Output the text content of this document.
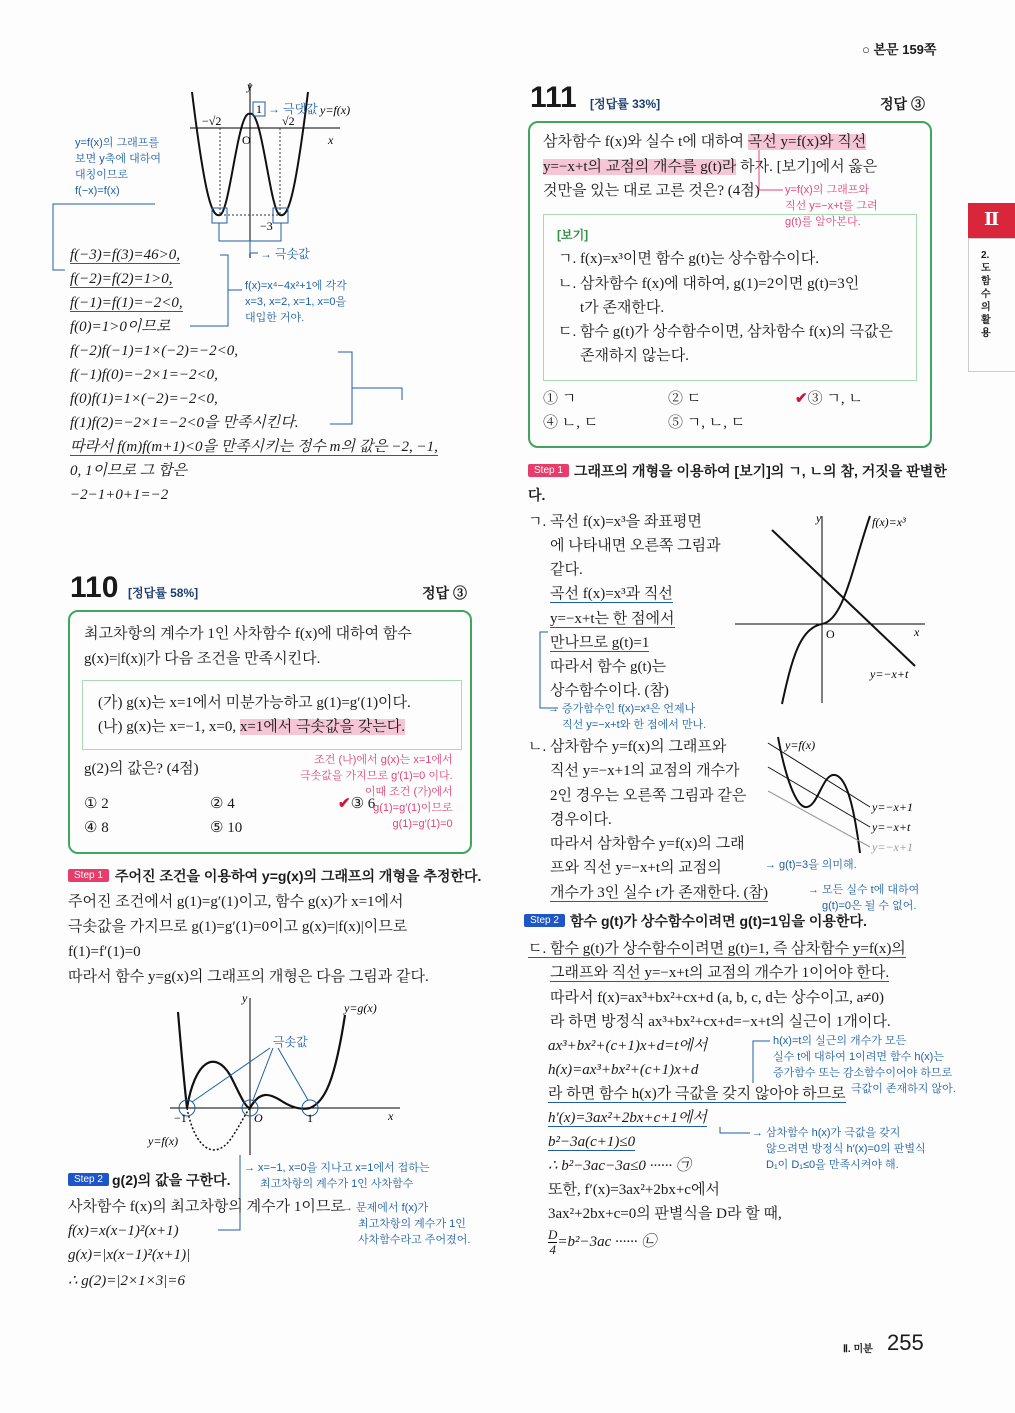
○ 본문 159쪽
Ⅱ
2. 도함수의 활용
y
x
O
1 → 극댓값 y=f(x)
−√2	√2
−3
→ 극솟값
y=f(x)의 그래프를
보면 y축에 대하여
대칭이므로
f(−x)=f(x)
f(x)=x⁴−4x²+1에 각각
x=3, x=2, x=1, x=0을
대입한 거야.
f(−3)=f(3)=46>0,
f(−2)=f(2)=1>0,
f(−1)=f(1)=−2<0,
f(0)=1>0이므로
f(−2)f(−1)=1×(−2)=−2<0,
f(−1)f(0)=−2×1=−2<0,
f(0)f(1)=1×(−2)=−2<0,
f(1)f(2)=−2×1=−2<0을 만족시킨다.
따라서 f(m)f(m+1)<0을 만족시키는 정수 m의 값은 −2, −1,
0, 1이므로 그 합은
−2−1+0+1=−2
110 [정답률 58%]	정답 ③
최고차항의 계수가 1인 사차함수 f(x)에 대하여 함수
g(x)=|f(x)|가 다음 조건을 만족시킨다.
(가) g(x)는 x=1에서 미분가능하고 g(1)=g′(1)이다.
(나) g(x)는 x=−1, x=0, x=1에서 극솟값을 갖는다.
g(2)의 값은? (4점)
① 2	② 4	✔③ 6
④ 8	⑤ 10
조건 (나)에서 g(x)는 x=1에서
극솟값을 가지므로 g′(1)=0 이다.
이때 조건 (가)에서
g(1)=g′(1)이므로
g(1)=g′(1)=0
Step 1 주어진 조건을 이용하여 y=g(x)의 그래프의 개형을 추정한다.
주어진 조건에서 g(1)=g′(1)이고, 함수 g(x)가 x=1에서
극솟값을 가지므로 g(1)=g′(1)=0이고 g(x)=|f(x)|이므로
f(1)=f′(1)=0
따라서 함수 y=g(x)의 그래프의 개형은 다음 그림과 같다.
극솟값
y
x
O
−1	1
y=g(x)
y=f(x)
Step 2 g(2)의 값을 구한다.
→ x=−1, x=0을 지나고 x=1에서 접하는
최고차항의 계수가 1인 사차함수
사차함수 f(x)의 최고차항의 계수가 1이므로
f(x)=x(x−1)²(x+1)
g(x)=|x(x−1)²(x+1)|
∴ g(2)=|2×1×3|=6
→ 문제에서 f(x)가
최고차항의 계수가 1인
사차함수라고 주어졌어.
111 [정답률 33%]	정답 ③
삼차함수 f(x)와 실수 t에 대하여 곡선 y=f(x)와 직선
y=−x+t의 교점의 개수를 g(t)라 하자. [보기]에서 옳은
것만을 있는 대로 고른 것은? (4점) y=f(x)의 그래프와
직선 y=−x+t를 그려
g(t)를 알아본다.
[보기]
ㄱ. f(x)=x³이면 함수 g(t)는 상수함수이다.
ㄴ. 삼차함수 f(x)에 대하여, g(1)=2이면 g(t)=3인
t가 존재한다.
ㄷ. 함수 g(t)가 상수함수이면, 삼차함수 f(x)의 극값은
존재하지 않는다.
① ㄱ	② ㄷ	✔③ ㄱ, ㄴ
④ ㄴ, ㄷ	⑤ ㄱ, ㄴ, ㄷ
Step 1 그래프의 개형을 이용하여 [보기]의 ㄱ, ㄴ의 참, 거짓을 판별한
다.
ㄱ. 곡선 f(x)=x³을 좌표평면
에 나타내면 오른쪽 그림과
같다.
곡선 f(x)=x³과 직선
y=−x+t는 한 점에서
만나므로 g(t)=1
따라서 함수 g(t)는
상수함수이다. (참)
→ 증가함수인 f(x)=x³은 언제나
직선 y=−x+t와 한 점에서 만나.
y
x
O
f(x)=x³
y=−x+t
ㄴ. 삼차함수 y=f(x)의 그래프와
직선 y=−x+1의 교점의 개수가
2인 경우는 오른쪽 그림과 같은
경우이다.
따라서 삼차함수 y=f(x)의 그래
프와 직선 y=−x+t의 교점의
개수가 3인 실수 t가 존재한다. (참)
y=f(x)
y=−x+1
y=−x+t
y=−x+1
→ g(t)=3을 의미해.
→ 모든 실수 t에 대하여
g(t)=0은 될 수 없어.
Step 2 함수 g(t)가 상수함수이려면 g(t)=1임을 이용한다.
ㄷ. 함수 g(t)가 상수함수이려면 g(t)=1, 즉 삼차함수 y=f(x)의
그래프와 직선 y=−x+t의 교점의 개수가 1이어야 한다.
따라서 f(x)=ax³+bx²+cx+d (a, b, c, d는 상수이고, a≠0)
라 하면 방정식 ax³+bx²+cx+d=−x+t의 실근이 1개이다.
ax³+bx²+(c+1)x+d=t에서
h(x)=ax³+bx²+(c+1)x+d
라 하면 함수 h(x)가 극값을 갖지 않아야 하므로
h′(x)=3ax²+2bx+c+1에서
b²−3a(c+1)≤0
∴ b²−3ac−3a≤0 ······ ㉠
또한, f′(x)=3ax²+2bx+c에서
3ax²+2bx+c=0의 판별식을 D라 할 때,
$\frac{D}{4} =b^2-3ac$ ······ ㉡
h(x)=t의 실근의 개수가 모든
실수 t에 대하여 1이려면 함수 h(x)는
증가함수 또는 감소함수이어야 하므로
극값이 존재하지 않아.
→ 삼차함수 h(x)가 극값을 갖지
않으려면 방정식 h′(x)=0의 판별식
D₁이 D₁≤0을 만족시켜야 해.
Ⅱ. 미분 255
